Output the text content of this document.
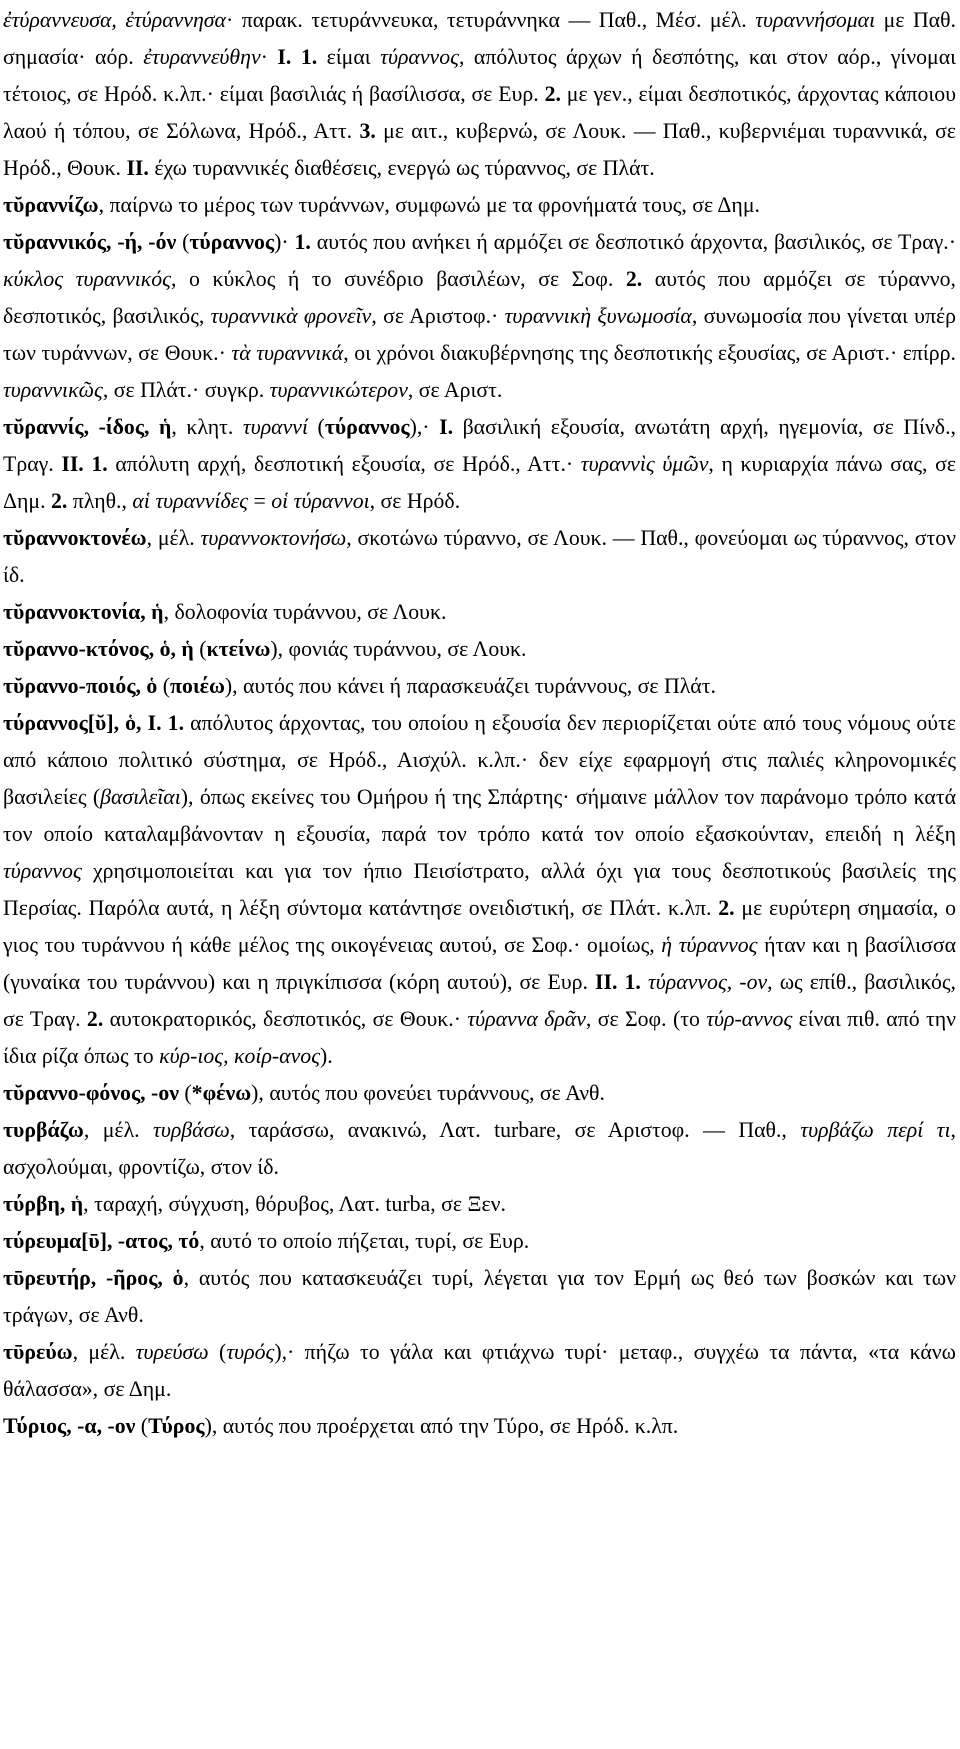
ἐτύραννευσα, ἐτύραννησα· παρακ. τετυράννευκα, τετυράννηκα — Παθ., Μέσ. μέλ. τυραννήσομαι με Παθ. σημασία· αόρ. ἐτυραννεύθην· I. 1. είμαι τύραννος, απόλυτος άρχων ή δεσπότης, και στον αόρ., γίνομαι τέτοιος, σε Ηρόδ. κ.λπ.· είμαι βασιλιάς ή βασίλισσα, σε Ευρ. 2. με γεν., είμαι δεσποτικός, άρχοντας κάποιου λαού ή τόπου, σε Σόλωνα, Ηρόδ., Αττ. 3. με αιτ., κυβερνώ, σε Λουκ. — Παθ., κυβερνιέμαι τυραννικά, σε Ηρόδ., Θουκ. II. έχω τυραννικές διαθέσεις, ενεργώ ως τύραννος, σε Πλάτ.

τῠραννίζω, παίρνω το μέρος των τυράννων, συμφωνώ με τα φρονήματά τους, σε Δημ.

τῠραννικός, -ή, -όν (τύραννος)· 1. αυτός που ανήκει ή αρμόζει σε δεσποτικό άρχοντα, βασιλικός, σε Τραγ.· κύκλος τυραννικός, ο κύκλος ή το συνέδριο βασιλέων, σε Σοφ. 2. αυτός που αρμόζει σε τύραννο, δεσποτικός, βασιλικός, τυραννικὰ φρονεῖν, σε Αριστοφ.· τυραννικὴ ξυνωμοσία, συνωμοσία που γίνεται υπέρ των τυράννων, σε Θουκ.· τὰ τυραννικά, οι χρόνοι διακυβέρνησης της δεσποτικής εξουσίας, σε Αριστ.· επίρρ. τυραννικῶς, σε Πλάτ.· συγκρ. τυραννικώτερον, σε Αριστ.

τῠραννίς, -ίδος, ἡ, κλητ. τυραννί (τύραννος),· I. βασιλική εξουσία, ανωτάτη αρχή, ηγεμονία, σε Πίνδ., Τραγ. II. 1. απόλυτη αρχή, δεσποτική εξουσία, σε Ηρόδ., Αττ.· τυραννὶς ὑμῶν, η κυριαρχία πάνω σας, σε Δημ. 2. πληθ., αἱ τυραννίδες = οἱ τύραννοι, σε Ηρόδ.

τῠραννοκτονέω, μέλ. τυραννοκτονήσω, σκοτώνω τύραννο, σε Λουκ. — Παθ., φονεύομαι ως τύραννος, στον ίδ.

τῠραννοκτονία, ἡ, δολοφονία τυράννου, σε Λουκ.

τῠραννο-κτόνος, ὁ, ἡ (κτείνω), φονιάς τυράννου, σε Λουκ.

τῠραννο-ποιός, ὁ (ποιέω), αυτός που κάνει ή παρασκευάζει τυράννους, σε Πλάτ.

τύραννος[ῠ], ὁ, I. 1. απόλυτος άρχοντας, του οποίου η εξουσία δεν περιορίζεται ούτε από τους νόμους ούτε από κάποιο πολιτικό σύστημα, σε Ηρόδ., Αισχύλ. κ.λπ.· δεν είχε εφαρμογή στις παλιές κληρονομικές βασιλείες (βασιλεῖαι), όπως εκείνες του Ομήρου ή της Σπάρτης· σήμαινε μάλλον τον παράνομο τρόπο κατά τον οποίο καταλαμβάνονταν η εξουσία, παρά τον τρόπο κατά τον οποίο εξασκούνταν, επειδή η λέξη τύραννος χρησιμοποιείται και για τον ήπιο Πεισίστρατο, αλλά όχι για τους δεσποτικούς βασιλείς της Περσίας. Παρόλα αυτά, η λέξη σύντομα κατάντησε ονειδιστική, σε Πλάτ. κ.λπ. 2. με ευρύτερη σημασία, ο γιος του τυράννου ή κάθε μέλος της οικογένειας αυτού, σε Σοφ.· ομοίως, ἡ τύραννος ήταν και η βασίλισσα (γυναίκα του τυράννου) και η πριγκίπισσα (κόρη αυτού), σε Ευρ. II. 1. τύραννος, -ον, ως επίθ., βασιλικός, σε Τραγ. 2. αυτοκρατορικός, δεσποτικός, σε Θουκ.· τύραννα δρᾶν, σε Σοφ. (το τύρ-αννος είναι πιθ. από την ίδια ρίζα όπως το κύρ-ιος, κοίρ-ανος).

τῠραννο-φόνος, -ον (*φένω), αυτός που φονεύει τυράννους, σε Ανθ.

τυρβάζω, μέλ. τυρβάσω, ταράσσω, ανακινώ, Λατ. turbare, σε Αριστοφ. — Παθ., τυρβάζω περί τι, ασχολούμαι, φροντίζω, στον ίδ.

τύρβη, ἡ, ταραχή, σύγχυση, θόρυβος, Λατ. turba, σε Ξεν.

τύρευμα[ῡ], -ατος, τό, αυτό το οποίο πήζεται, τυρί, σε Ευρ.

τῡρευτήρ, -ῆρος, ὁ, αυτός που κατασκευάζει τυρί, λέγεται για τον Ερμή ως θεό των βοσκών και των τράγων, σε Ανθ.

τῡρεύω, μέλ. τυρεύσω (τυρός),· πήζω το γάλα και φτιάχνω τυρί· μεταφ., συγχέω τα πάντα, «τα κάνω θάλασσα», σε Δημ.

Τύριος, -α, -ον (Τύρος), αυτός που προέρχεται από την Τύρο, σε Ηρόδ. κ.λπ.
